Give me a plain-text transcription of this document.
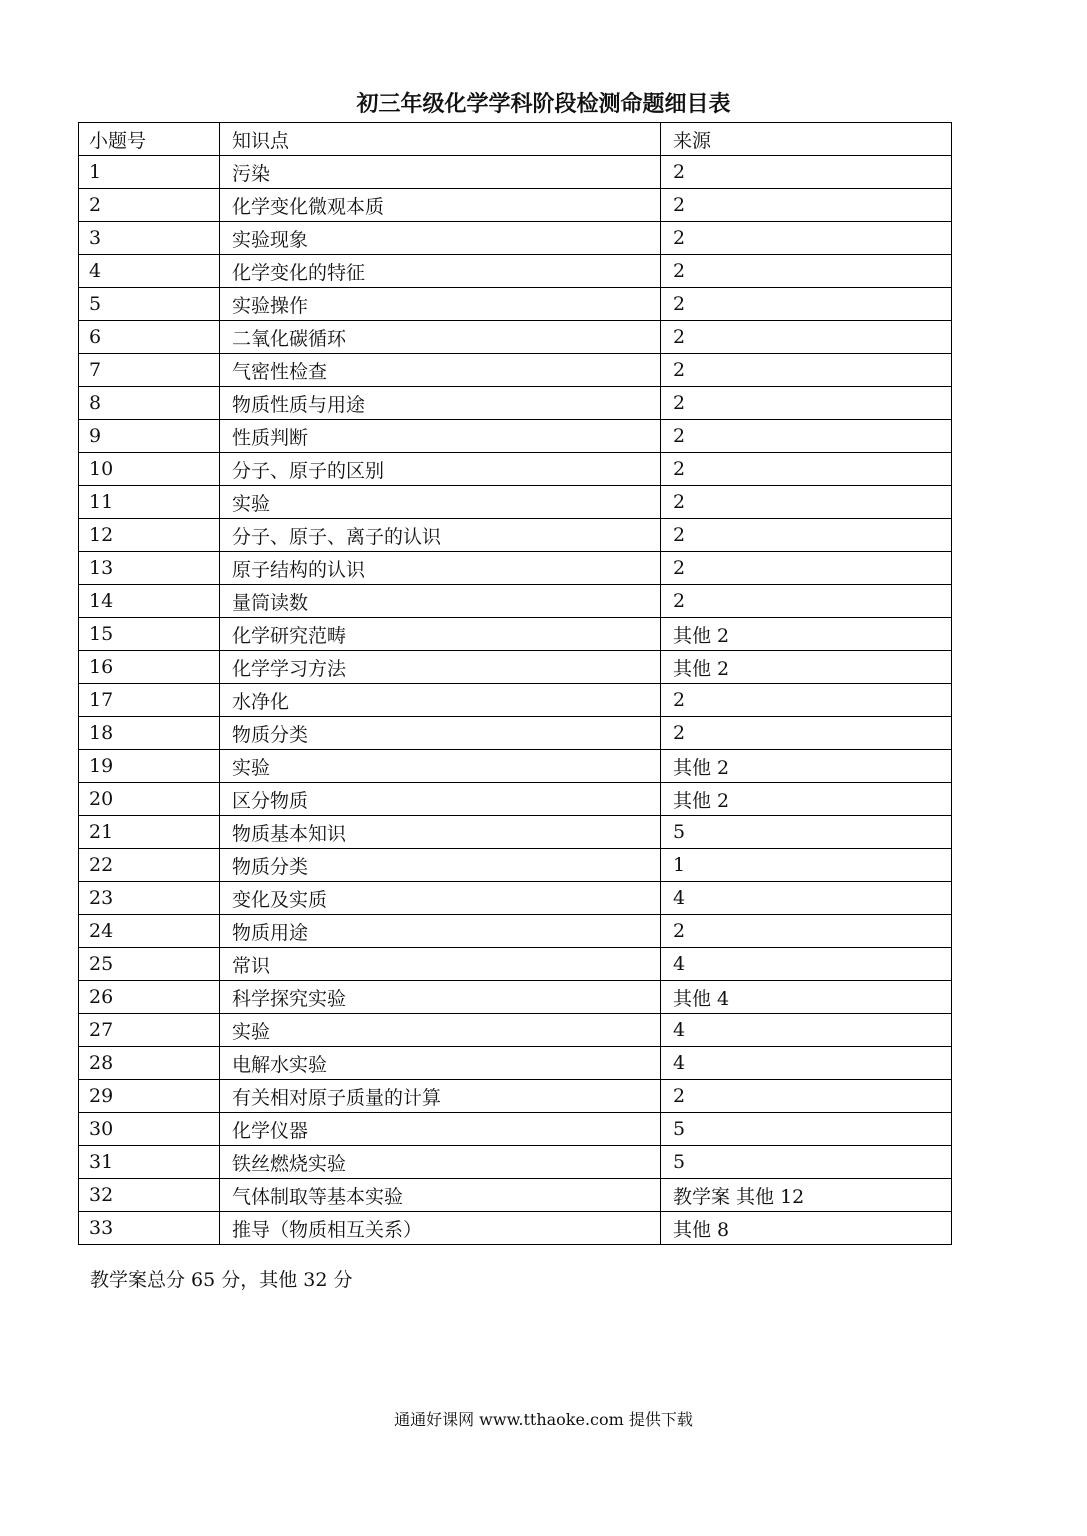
初三年级化学学科阶段检测命题细目表
小题号	知识点	来源
1	污染	2
2	化学变化微观本质	2
3	实验现象	2
4	化学变化的特征	2
5	实验操作	2
6	二氧化碳循环	2
7	气密性检查	2
8	物质性质与用途	2
9	性质判断	2
10	分子、原子的区别	2
11	实验	2
12	分子、原子、离子的认识	2
13	原子结构的认识	2
14	量筒读数	2
15	化学研究范畴	其他 2
16	化学学习方法	其他 2
17	水净化	2
18	物质分类	2
19	实验	其他 2
20	区分物质	其他 2
21	物质基本知识	5
22	物质分类	1
23	变化及实质	4
24	物质用途	2
25	常识	4
26	科学探究实验	其他 4
27	实验	4
28	电解水实验	4
29	有关相对原子质量的计算	2
30	化学仪器	5
31	铁丝燃烧实验	5
32	气体制取等基本实验	教学案 其他 12
33	推导（物质相互关系）	其他 8
教学案总分 65 分，其他 32 分
通通好课网 www.tthaoke.com 提供下载
